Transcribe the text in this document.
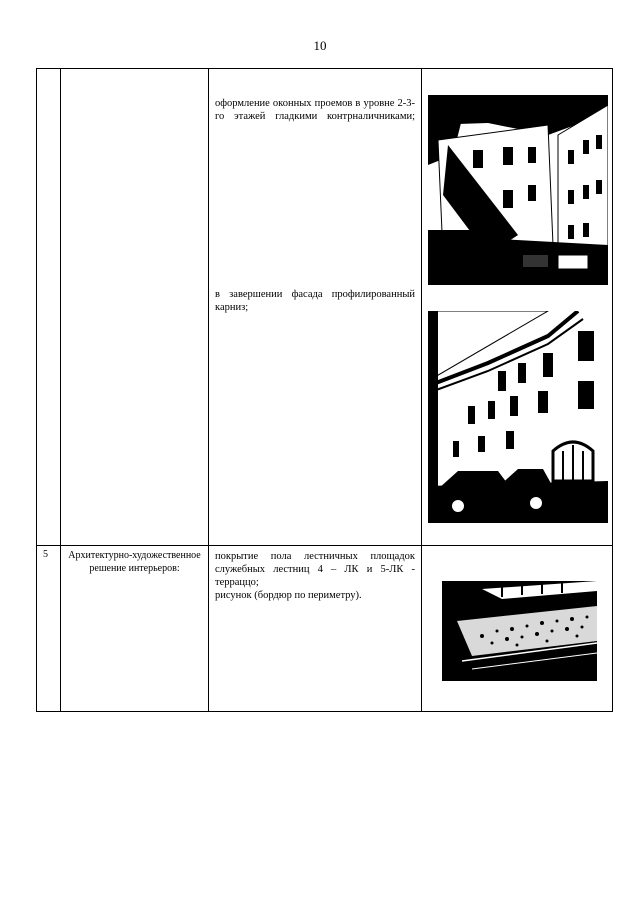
10

		оформление оконных проемов в уровне 2-3-го этажей гладкими контрналичниками;

в завершении фасада профилированный карниз;

5	Архитектурно-художественное решение интерьеров:	покрытие пола лестничных площадок служебных лестниц 4 – ЛК и 5-ЛК - терраццо;

рисунок (бордюр по периметру).
